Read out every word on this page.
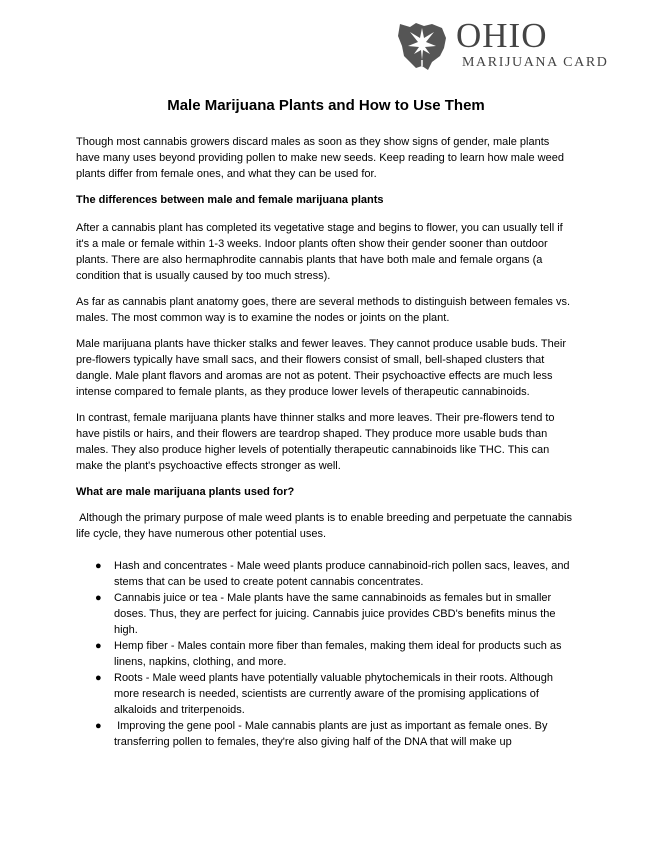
OHIO
MARIJUANA CARD
Male Marijuana Plants and How to Use Them

Though most cannabis growers discard males as soon as they show signs of gender, male plants have many uses beyond providing pollen to make new seeds. Keep reading to learn how male weed plants differ from female ones, and what they can be used for.

The differences between male and female marijuana plants

After a cannabis plant has completed its vegetative stage and begins to flower, you can usually tell if it's a male or female within 1-3 weeks. Indoor plants often show their gender sooner than outdoor plants. There are also hermaphrodite cannabis plants that have both male and female organs (a condition that is usually caused by too much stress).

As far as cannabis plant anatomy goes, there are several methods to distinguish between females vs. males. The most common way is to examine the nodes or joints on the plant.

Male marijuana plants have thicker stalks and fewer leaves. They cannot produce usable buds. Their pre-flowers typically have small sacs, and their flowers consist of small, bell-shaped clusters that dangle. Male plant flavors and aromas are not as potent. Their psychoactive effects are much less intense compared to female plants, as they produce lower levels of therapeutic cannabinoids.

In contrast, female marijuana plants have thinner stalks and more leaves. Their pre-flowers tend to have pistils or hairs, and their flowers are teardrop shaped. They produce more usable buds than males. They also produce higher levels of potentially therapeutic cannabinoids like THC. This can make the plant's psychoactive effects stronger as well.

What are male marijuana plants used for?

Although the primary purpose of male weed plants is to enable breeding and perpetuate the cannabis life cycle, they have numerous other potential uses.

● Hash and concentrates - Male weed plants produce cannabinoid-rich pollen sacs, leaves, and stems that can be used to create potent cannabis concentrates.
● Cannabis juice or tea - Male plants have the same cannabinoids as females but in smaller doses. Thus, they are perfect for juicing. Cannabis juice provides CBD's benefits minus the high.
● Hemp fiber - Males contain more fiber than females, making them ideal for products such as linens, napkins, clothing, and more.
● Roots - Male weed plants have potentially valuable phytochemicals in their roots. Although more research is needed, scientists are currently aware of the promising applications of alkaloids and triterpenoids.
● Improving the gene pool - Male cannabis plants are just as important as female ones. By transferring pollen to females, they're also giving half of the DNA that will make up
